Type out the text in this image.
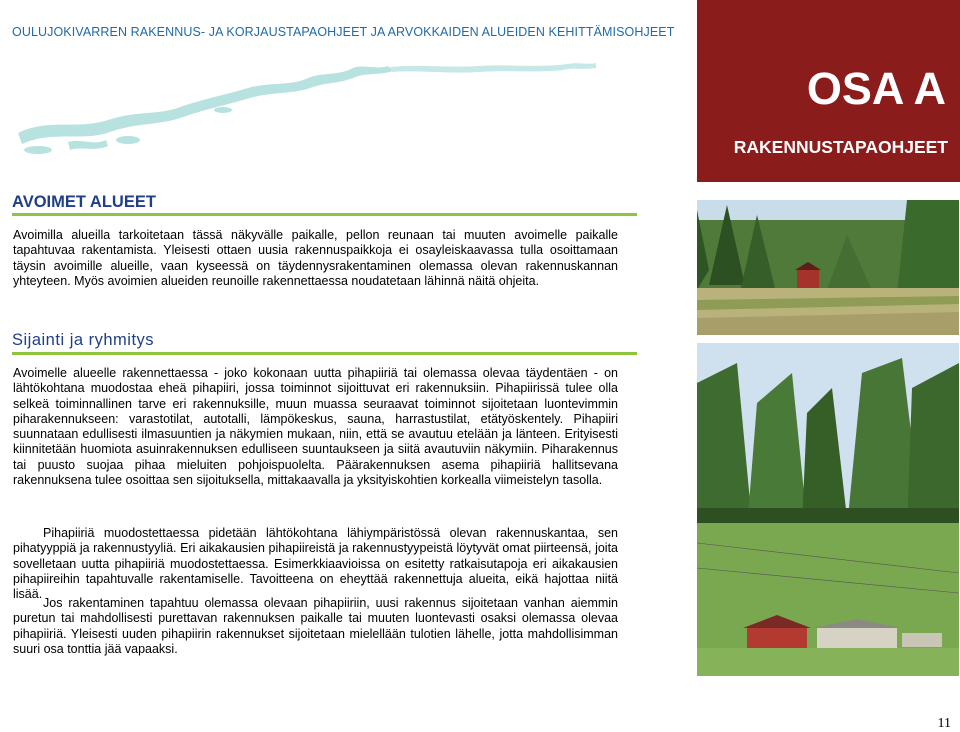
OULUJOKIVARREN RAKENNUS- JA KORJAUSTAPAOHJEET JA ARVOKKAIDEN ALUEIDEN KEHITTÄMISOHJEET
OSA A
RAKENNUSTAPAOHJEET
AVOIMET ALUEET

Avoimilla alueilla tarkoitetaan tässä näkyvälle paikalle, pellon reunaan tai muuten avoimelle paikalle tapahtuvaa rakentamista. Yleisesti ottaen uusia rakennuspaikkoja ei osayleiskaavassa tulla osoittamaan täysin avoimille alueille, vaan kyseessä on täydennysrakentaminen olemassa olevan rakennuskannan yhteyteen. Myös avoimien alueiden reunoille rakennettaessa noudatetaan lähinnä näitä ohjeita.

Sijainti ja ryhmitys

Avoimelle alueelle rakennettaessa - joko kokonaan uutta pihapiiriä tai olemassa olevaa täydentäen - on lähtökohtana muodostaa eheä pihapiiri, jossa toiminnot sijoittuvat eri rakennuksiin. Pihapiirissä tulee olla selkeä toiminnallinen tarve eri rakennuksille, muun muassa seuraavat toiminnot sijoitetaan luontevimmin piharakennukseen: varastotilat, autotalli, lämpökeskus, sauna, harrastustilat, etätyöskentely. Pihapiiri suunnataan edullisesti ilmasuuntien ja näkymien mukaan, niin, että se avautuu etelään ja länteen. Erityisesti kiinnitetään huomiota asuinrakennuksen edulliseen suuntaukseen ja siitä avautuviin näkymiin. Piharakennus tai puusto suojaa pihaa mieluiten pohjoispuolelta. Päärakennuksen asema pihapiiriä hallitsevana rakennuksena tulee osoittaa sen sijoituksella, mittakaavalla ja yksityiskohtien korkealla viimeistelyn tasolla.

Pihapiiriä muodostettaessa pidetään lähtökohtana lähiympäristössä olevan rakennuskantaa, sen pihatyyppiä ja rakennustyyliä. Eri aikakausien pihapiireistä ja rakennustyypeistä löytyvät omat piirteensä, joita sovelletaan uutta pihapiiriä muodostettaessa. Esimerkkiaavioissa on esitetty ratkaisutapoja eri aikakausien pihapiireihin tapahtuvalle rakentamiselle. Tavoitteena on eheyttää rakennettuja alueita, eikä hajottaa niitä lisää.

Jos rakentaminen tapahtuu olemassa olevaan pihapiiriin, uusi rakennus sijoitetaan vanhan aiemmin puretun tai mahdollisesti purettavan rakennuksen paikalle tai muuten luontevasti osaksi olemassa olevaa pihapiiriä. Yleisesti uuden pihapiirin rakennukset sijoitetaan mielellään tulotien lähelle, jotta mahdollisimman suuri osa tonttia jää vapaaksi.

11
